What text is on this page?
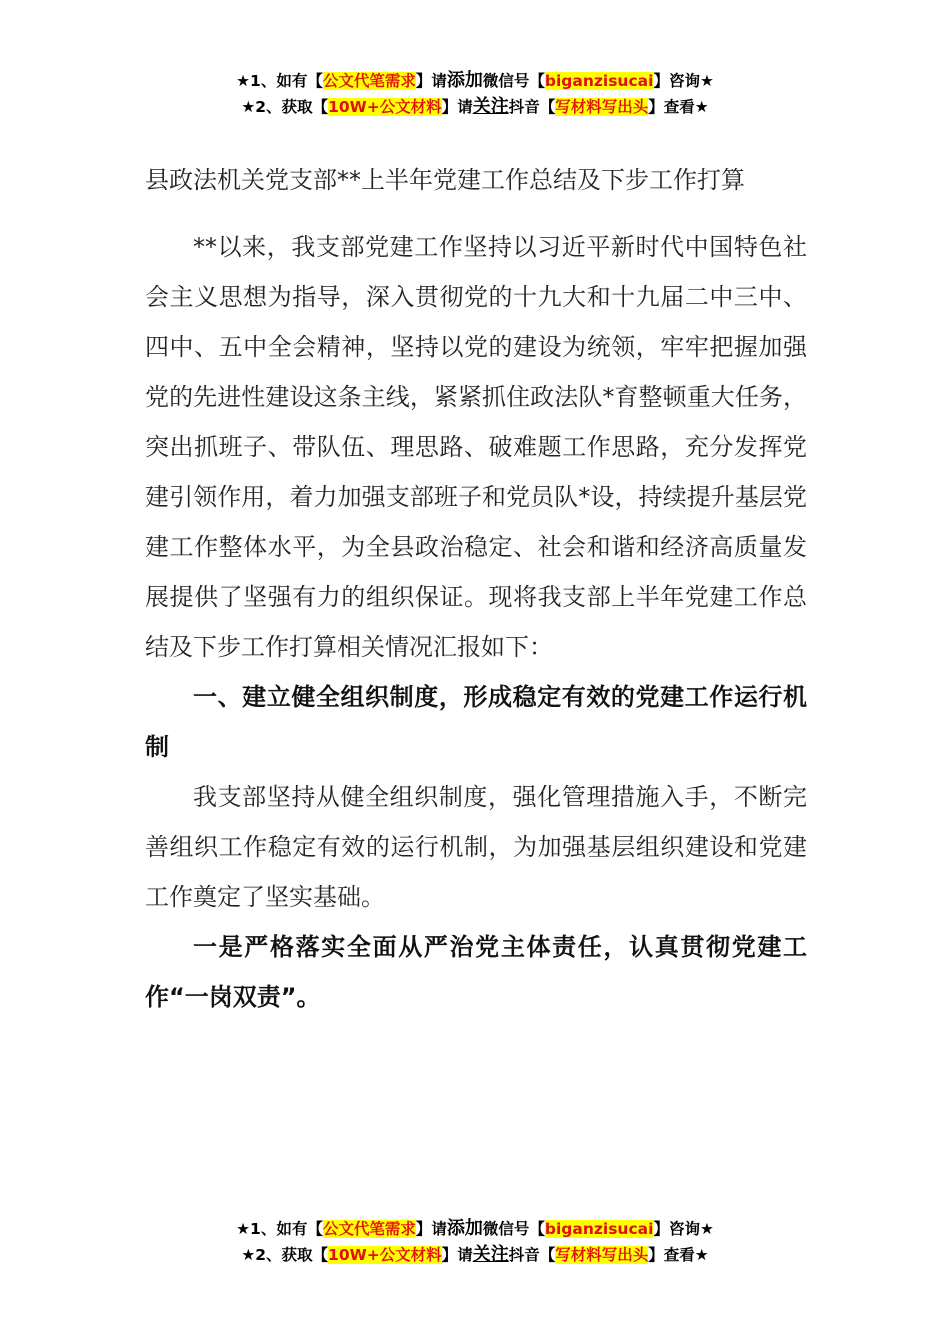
★1、如有【公文代笔需求】请添加微信号【biganzisucai】咨询★
★2、获取【10W+公文材料】请关注抖音【写材料写出头】查看★
县政法机关党支部**上半年党建工作总结及下步工作打算

**以来，我支部党建工作坚持以习近平新时代中国特色社会主义思想为指导，深入贯彻党的十九大和十九届二中三中、四中、五中全会精神，坚持以党的建设为统领，牢牢把握加强党的先进性建设这条主线，紧紧抓住政法队*育整顿重大任务，突出抓班子、带队伍、理思路、破难题工作思路，充分发挥党建引领作用，着力加强支部班子和党员队*设，持续提升基层党建工作整体水平，为全县政治稳定、社会和谐和经济高质量发展提供了坚强有力的组织保证。现将我支部上半年党建工作总结及下步工作打算相关情况汇报如下：

一、建立健全组织制度，形成稳定有效的党建工作运行机制

我支部坚持从健全组织制度，强化管理措施入手，不断完善组织工作稳定有效的运行机制，为加强基层组织建设和党建工作奠定了坚实基础。

一是严格落实全面从严治党主体责任，认真贯彻党建工作“一岗双责”。

★1、如有【公文代笔需求】请添加微信号【biganzisucai】咨询★
★2、获取【10W+公文材料】请关注抖音【写材料写出头】查看★
